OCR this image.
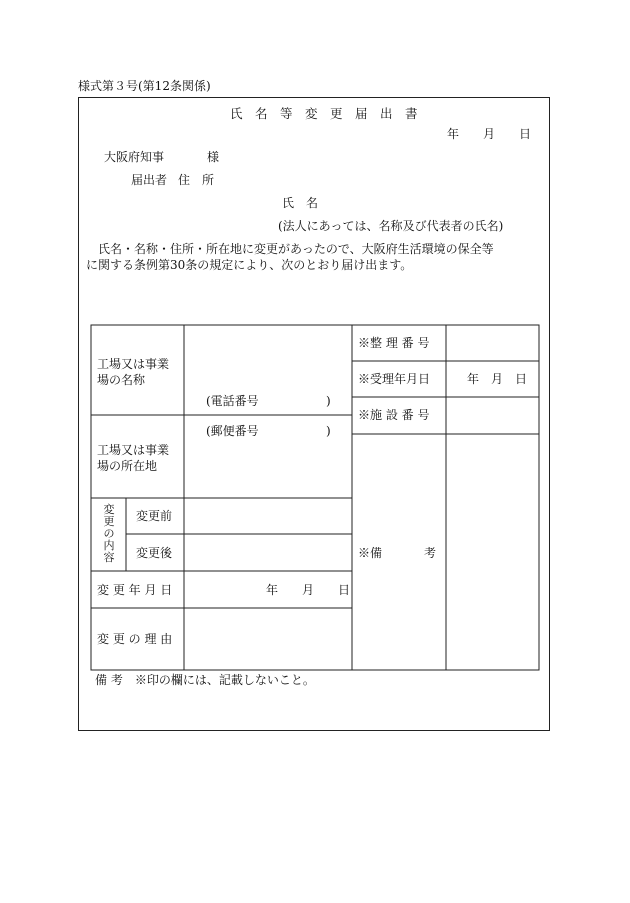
様式第３号(第12条関係)
氏　名　等　変　更　届　出　書
年　　月　　日
大阪府知事	様
届出者 住　所
氏　名
(法人にあっては、名称及び代表者の氏名)
氏名・名称・住所・所在地に変更があったので、大阪府生活環境の保全等
に関する条例第30条の規定により、次のとおり届け出ます。
工場又は事業
場の名称
(電話番号	)
(郵便番号	)
工場又は事業
場の所在地
変
更
の
内
容
変更前
変更後
変 更 年 月 日	年　　月　　日
変 更 の 理 由
※整 理 番 号
※受理年月日	年　月　日
※施 設 番 号
※備	考
備 考　※印の欄には、記載しないこと。
